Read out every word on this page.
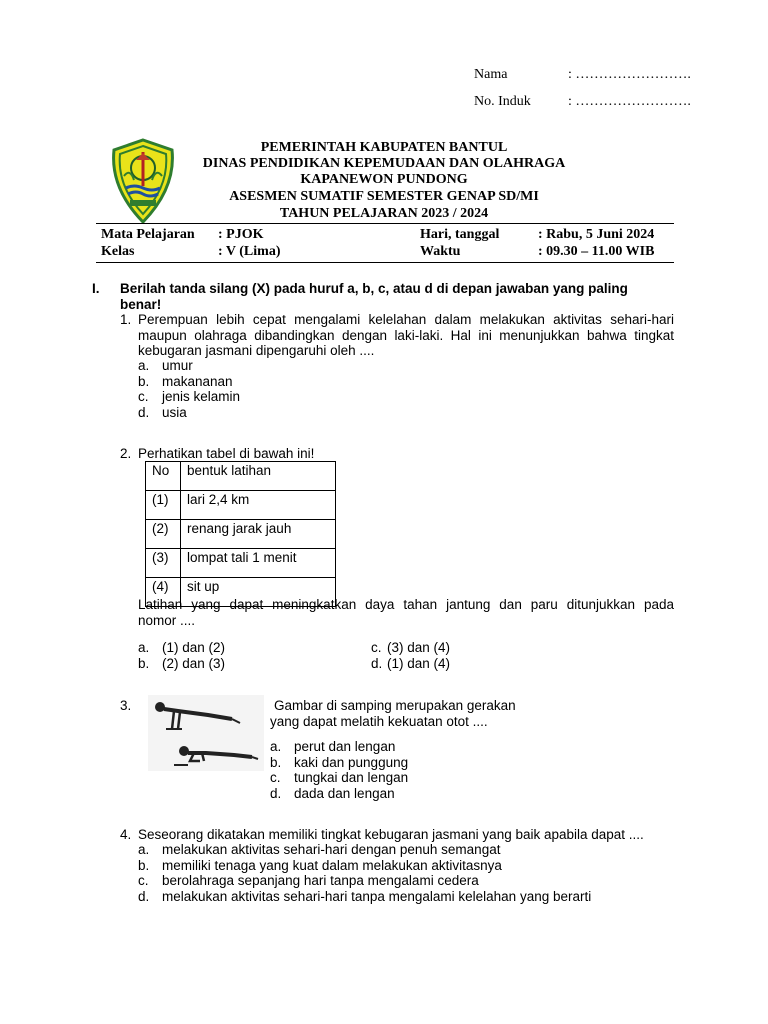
Nama	: …………………….
No. Induk	: …………………….
PEMERINTAH KABUPATEN BANTUL
DINAS PENDIDIKAN KEPEMUDAAN DAN OLAHRAGA
KAPANEWON PUNDONG
ASESMEN SUMATIF SEMESTER GENAP SD/MI
TAHUN PELAJARAN 2023 / 2024
Mata Pelajaran : PJOK	Hari, tanggal	: Rabu, 5 Juni 2024
Kelas	: V (Lima)	Waktu	: 09.30 – 11.00 WIB
I. Berilah tanda silang (X) pada huruf a, b, c, atau d di depan jawaban yang paling
benar!
1. Perempuan lebih cepat mengalami kelelahan dalam melakukan aktivitas sehari-hari
maupun olahraga dibandingkan dengan laki-laki. Hal ini menunjukkan bahwa tingkat
kebugaran jasmani dipengaruhi oleh ....
a. umur
b. makananan
c. jenis kelamin
d. usia
2. Perhatikan tabel di bawah ini!
No	bentuk latihan
(1)	lari 2,4 km
(2)	renang jarak jauh
(3)	lompat tali 1 menit
(4)	sit up
Latihan yang dapat meningkatkan daya tahan jantung dan paru ditunjukkan pada
nomor ....
a. (1) dan (2)
b. (2) dan (3)
c. (3) dan (4)
d. (1) dan (4)
3.	Gambar di samping merupakan gerakan
yang dapat melatih kekuatan otot ....
a. perut dan lengan
b. kaki dan punggung
c. tungkai dan lengan
d. dada dan lengan
4. Seseorang dikatakan memiliki tingkat kebugaran jasmani yang baik apabila dapat ....
a. melakukan aktivitas sehari-hari dengan penuh semangat
b. memiliki tenaga yang kuat dalam melakukan aktivitasnya
c. berolahraga sepanjang hari tanpa mengalami cedera
d. melakukan aktivitas sehari-hari tanpa mengalami kelelahan yang berarti
